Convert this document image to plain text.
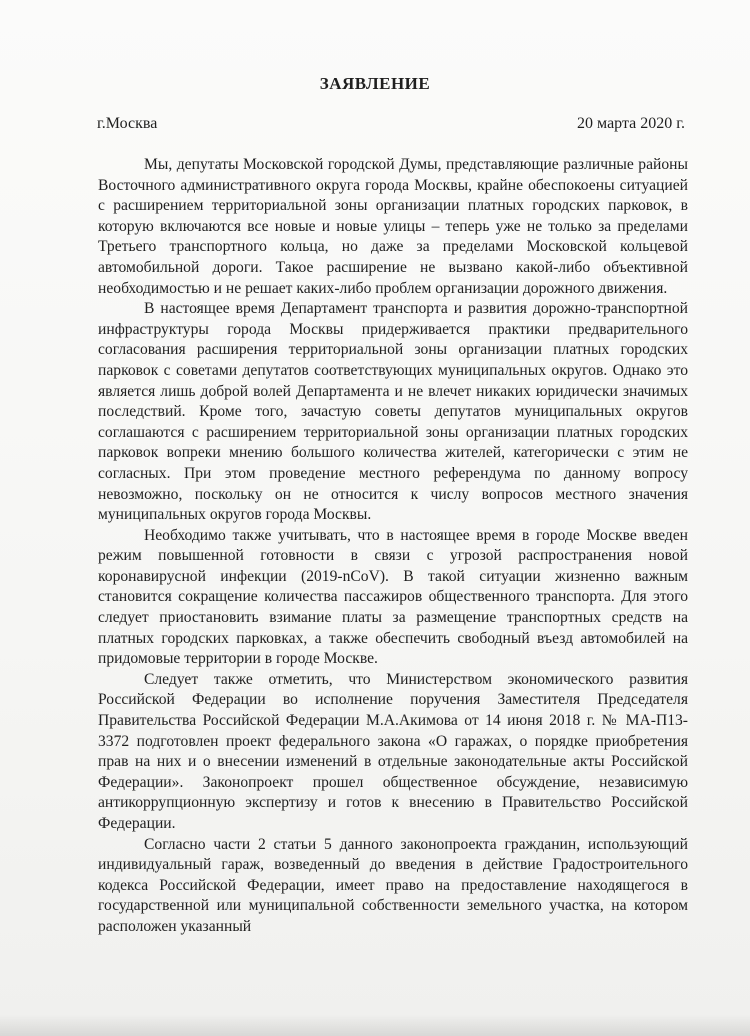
ЗАЯВЛЕНИЕ
г.Москва	20 марта 2020 г.

Мы, депутаты Московской городской Думы, представляющие различные районы Восточного административного округа города Москвы, крайне обеспокоены ситуацией с расширением территориальной зоны организации платных городских парковок, в которую включаются все новые и новые улицы – теперь уже не только за пределами Третьего транспортного кольца, но даже за пределами Московской кольцевой автомобильной дороги. Такое расширение не вызвано какой-либо объективной необходимостью и не решает каких-либо проблем организации дорожного движения.

В настоящее время Департамент транспорта и развития дорожно-транспортной инфраструктуры города Москвы придерживается практики предварительного согласования расширения территориальной зоны организации платных городских парковок с советами депутатов соответствующих муниципальных округов. Однако это является лишь доброй волей Департамента и не влечет никаких юридически значимых последствий. Кроме того, зачастую советы депутатов муниципальных округов соглашаются с расширением территориальной зоны организации платных городских парковок вопреки мнению большого количества жителей, категорически с этим не согласных. При этом проведение местного референдума по данному вопросу невозможно, поскольку он не относится к числу вопросов местного значения муниципальных округов города Москвы.

Необходимо также учитывать, что в настоящее время в городе Москве введен режим повышенной готовности в связи с угрозой распространения новой коронавирусной инфекции (2019-nCoV). В такой ситуации жизненно важным становится сокращение количества пассажиров общественного транспорта. Для этого следует приостановить взимание платы за размещение транспортных средств на платных городских парковках, а также обеспечить свободный въезд автомобилей на придомовые территории в городе Москве.

Следует также отметить, что Министерством экономического развития Российской Федерации во исполнение поручения Заместителя Председателя Правительства Российской Федерации М.А.Акимова от 14 июня 2018 г. № МА-П13-3372 подготовлен проект федерального закона «О гаражах, о порядке приобретения прав на них и о внесении изменений в отдельные законодательные акты Российской Федерации». Законопроект прошел общественное обсуждение, независимую антикоррупционную экспертизу и готов к внесению в Правительство Российской Федерации.

Согласно части 2 статьи 5 данного законопроекта гражданин, использующий индивидуальный гараж, возведенный до введения в действие Градостроительного кодекса Российской Федерации, имеет право на предоставление находящегося в государственной или муниципальной собственности земельного участка, на котором расположен указанный
